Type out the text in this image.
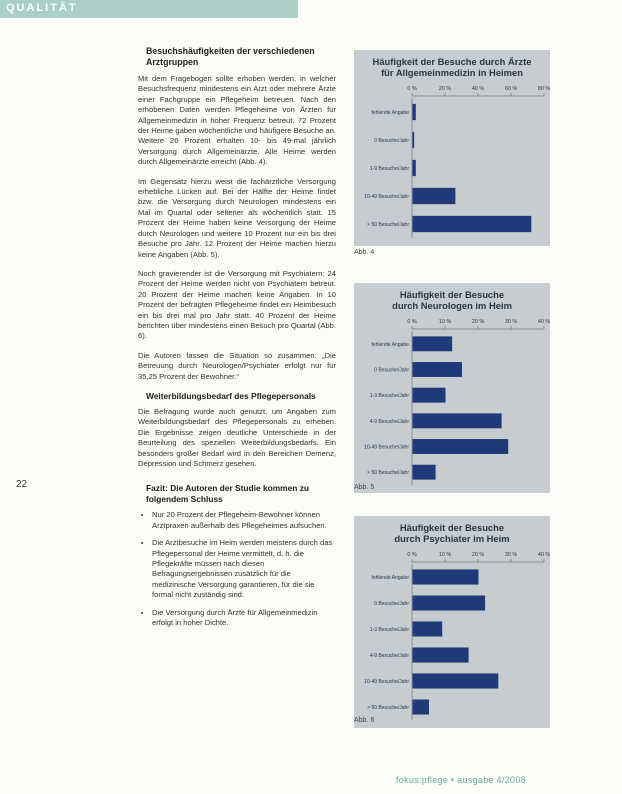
QUALITÄT
22
Besuchshäufigkeiten der verschiedenen Arztgruppen

Mit dem Fragebogen sollte erhoben werden, in welcher Besuchsfrequenz mindestens ein Arzt oder mehrere Ärzte einer Fachgruppe ein Pflegeheim betreuen. Nach den erhobenen Daten werden Pflegeheime von Ärzten für Allgemeinmedizin in hoher Frequenz betreut. 72 Prozent der Heime gaben wöchentliche und häufigere Besuche an. Weitere 26 Prozent erhalten 10- bis 49-mal jährlich Versorgung durch Allgemeinärzte. Alle Heime werden durch Allgemeinärzte erreicht (Abb. 4).

Im Gegensatz hierzu weist die fachärztliche Versorgung erhebliche Lücken auf. Bei der Hälfte der Heime findet bzw. die Versorgung durch Neurologen mindestens ein Mal im Quartal oder seltener als wöchentlich statt. 15 Prozent der Heime haben keine Versorgung der Heime durch Neurologen und weitere 10 Prozent nur ein bis drei Besuche pro Jahr. 12 Prozent der Heime machen hierzu keine Angaben (Abb. 5).

Noch gravierender ist die Versorgung mit Psychiatern: 24 Prozent der Heime werden nicht von Psychiatern betreut. 20 Prozent der Heime machen keine Angaben. In 10 Prozent der befragten Pflegeheime findet ein Heimbesuch ein bis drei mal pro Jahr statt. 40 Prozent der Heime berichten über mindestens einen Besuch pro Quartal (Abb. 6).

Die Autoren fassen die Situation so zusammen: „Die Betreuung durch Neurologen/Psychiater erfolgt nur für 35,25 Prozent der Bewohner.“

Weiterbildungsbedarf des Pflegepersonals

Die Befragung wurde auch genutzt, um Angaben zum Weiterbildungsbedarf des Pflegepersonals zu erheben. Die Ergebnisse zeigen deutliche Unterschiede in der Beurteilung des speziellen Weiterbildungsbedarfs. Ein besonders großer Bedarf wird in den Bereichen Demenz, Depression und Schmerz gesehen.

Fazit: Die Autoren der Studie kommen zu folgendem Schluss
• Nur 20 Prozent der Pflegeheim-Bewohner können Arztpraxen außerhalb des Pflegeheimes aufsuchen.
• Die Arztbesuche im Heim werden meistens durch das Pflegepersonal der Heime vermittelt, d. h. die Pflegekräfte müssen nach diesen Befragungsergebnissen zusätzlich für die medizinische Versorgung garantieren, für die sie formal nicht zuständig sind.
• Die Versorgung durch Ärzte für Allgemeinmedizin erfolgt in hoher Dichte.
Häufigkeit der Besuche durch Ärzte
für Allgemeinmedizin in Heimen
0 %	20 %	40 %	60 %	80 %
fehlende Angabe
0 Besuche/Jahr
1-9 Besuche/Jahr
10-49 Besuche/Jahr
> 50 Besuche/Jahr
Abb. 4
Häufigkeit der Besuche
durch Neurologen im Heim
0 %	10 %	20 %	30 %	40 %
fehlende Angabe
0 Besuche/Jahr
1-3 Besuche/Jahr
4-9 Besuche/Jahr
10-49 Besuche/Jahr
> 50 Besuche/Jahr
Abb. 5
Häufigkeit der Besuche
durch Psychiater im Heim
0 %	10 %	20 %	30 %	40 %
fehlende Angabe
0 Besuche/Jahr
1-3 Besuche/Jahr
4-9 Besuche/Jahr
10-49 Besuche/Jahr
> 50 Besuche/Jahr
Abb. 6
fokus:pflege • ausgabe 4/2008
